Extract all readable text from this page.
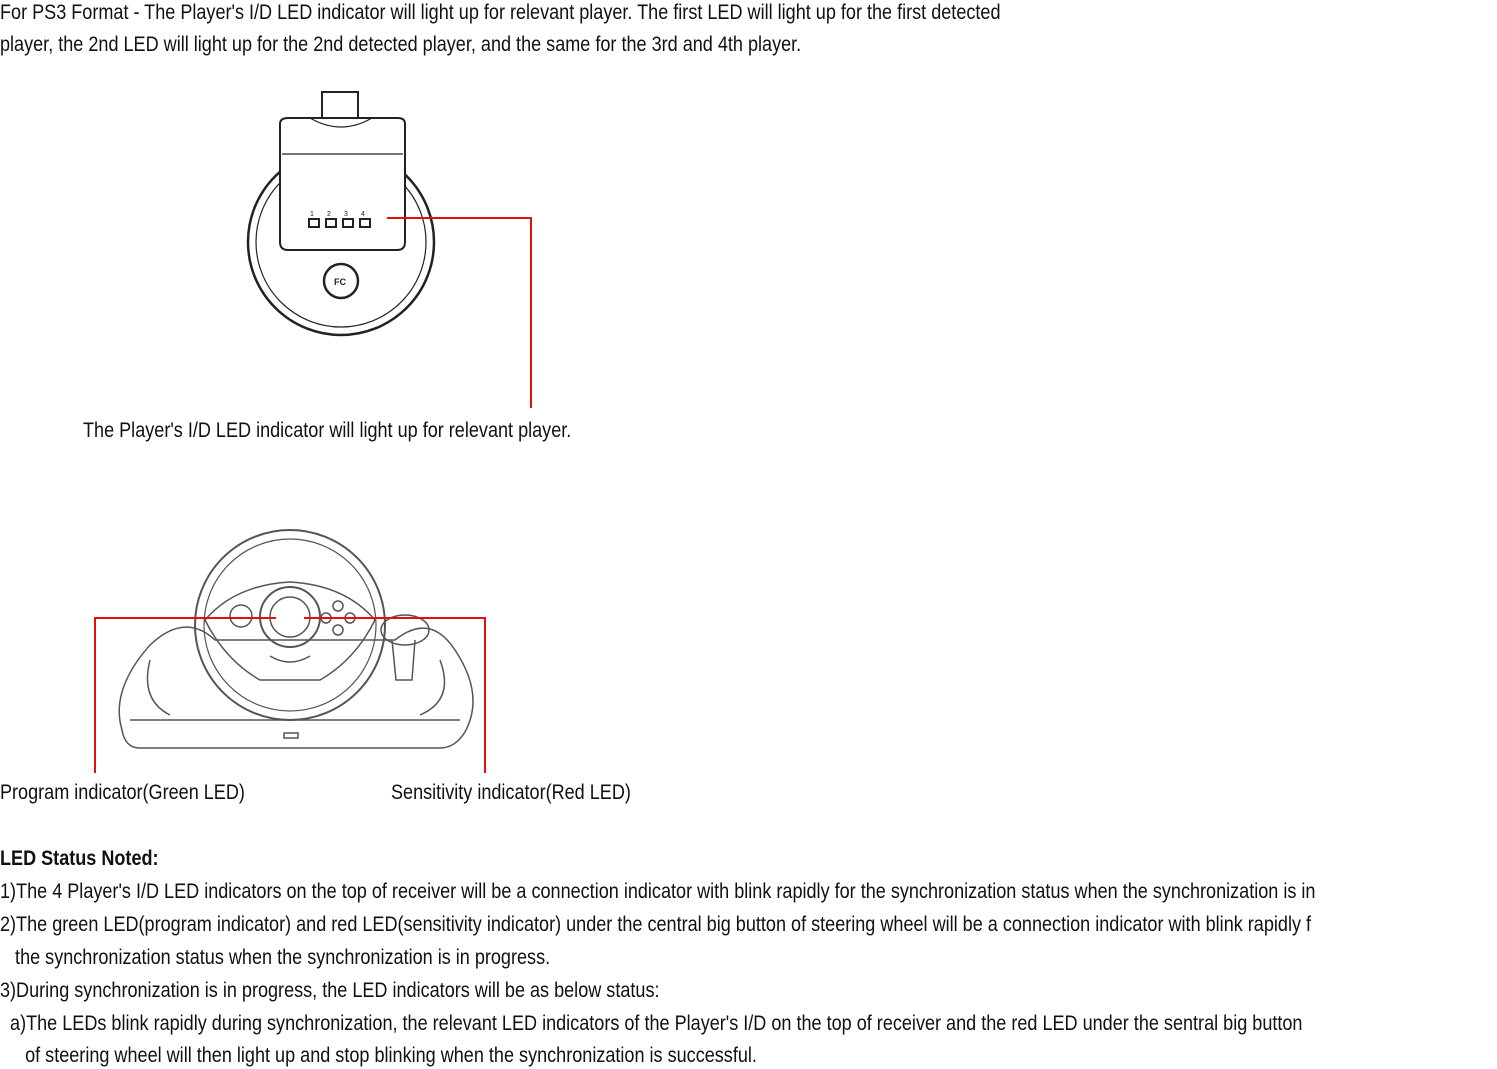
For PS3 Format - The Player's I/D LED indicator will light up for relevant player. The first LED will light up for the first detected
player, the 2nd LED will light up for the 2nd detected player, and the same for the 3rd and 4th player.
1 2 3 4
FC
The Player's I/D LED indicator will light up for relevant player.
Program indicator(Green LED)	Sensitivity indicator(Red LED)
LED Status Noted:
1)The 4 Player's I/D LED indicators on the top of receiver will be a connection indicator with blink rapidly for the synchronization status when the synchronization is in
2)The green LED(program indicator) and red LED(sensitivity indicator) under the central big button of steering wheel will be a connection indicator with blink rapidly f
the synchronization status when the synchronization is in progress.
3)During synchronization is in progress, the LED indicators will be as below status:
a)The LEDs blink rapidly during synchronization, the relevant LED indicators of the Player's I/D on the top of receiver and the red LED under the sentral big button
of steering wheel will then light up and stop blinking when the synchronization is successful.
